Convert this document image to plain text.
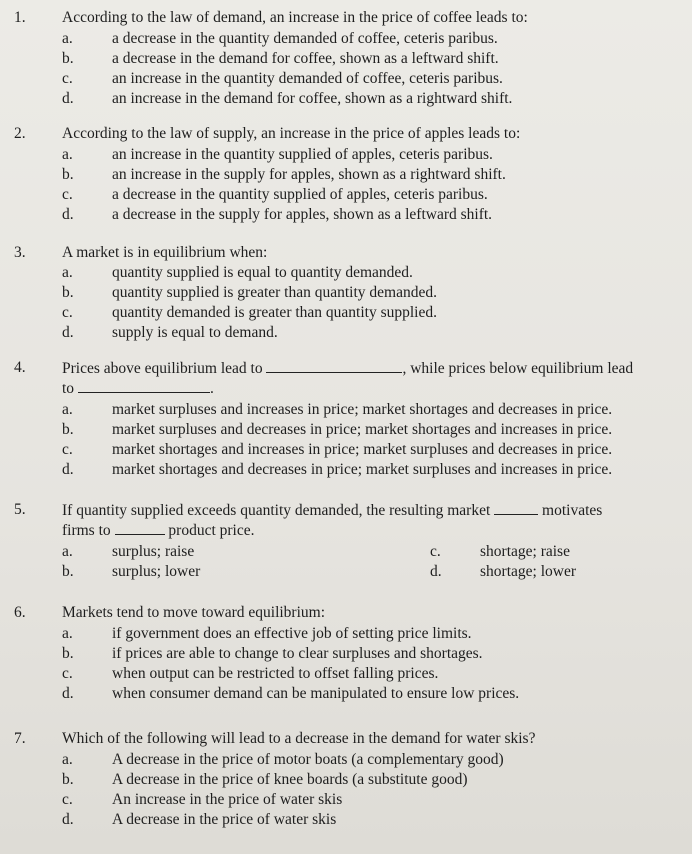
1. According to the law of demand, an increase in the price of coffee leads to:
a.	a decrease in the quantity demanded of coffee, ceteris paribus.
b. a decrease in the demand for coffee, shown as a leftward shift.
c.	an increase in the quantity demanded of coffee, ceteris paribus.
d. an increase in the demand for coffee, shown as a rightward shift.
2. According to the law of supply, an increase in the price of apples leads to:
a.	an increase in the quantity supplied of apples, ceteris paribus.
b. an increase in the supply for apples, shown as a rightward shift.
c.	a decrease in the quantity supplied of apples, ceteris paribus.
d. a decrease in the supply for apples, shown as a leftward shift.
3. A market is in equilibrium when:
a.	quantity supplied is equal to quantity demanded.
b. quantity supplied is greater than quantity demanded.
c.	quantity demanded is greater than quantity supplied.
d. supply is equal to demand.
4. Prices above equilibrium lead to	, while prices below equilibrium lead
to	.
a.	market surpluses and increases in price; market shortages and decreases in price.
b. market surpluses and decreases in price; market shortages and increases in price.
c.	market shortages and increases in price; market surpluses and decreases in price.
d. market shortages and decreases in price; market surpluses and increases in price.
5. If quantity supplied exceeds quantity demanded, the resulting market	motivates
firms to	product price.
a.	surplus; raise
b. surplus; lower
c.	shortage; raise
d. shortage; lower
6. Markets tend to move toward equilibrium:
a.	if government does an effective job of setting price limits.
b. if prices are able to change to clear surpluses and shortages.
c.	when output can be restricted to offset falling prices.
d. when consumer demand can be manipulated to ensure low prices.
7. Which of the following will lead to a decrease in the demand for water skis?
a.	A decrease in the price of motor boats (a complementary good)
b. A decrease in the price of knee boards (a substitute good)
c.	An increase in the price of water skis
d. A decrease in the price of water skis
